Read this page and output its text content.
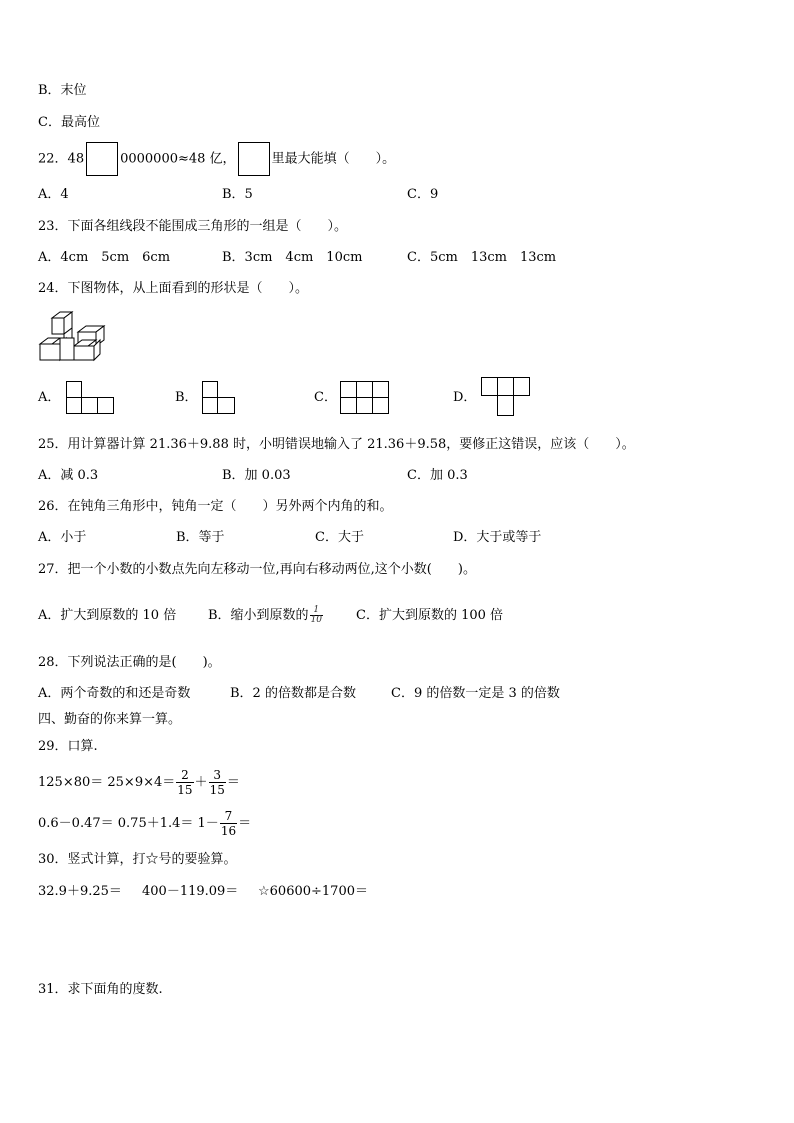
B．末位
C．最高位
22．48	0000000≈48 亿，	里最大能填（　　）。
A．4	B．5	C．9
23．下面各组线段不能围成三角形的一组是（　　）。
A．4cm　5cm　6cm	B．3cm　4cm　10cm	C．5cm　13cm　13cm
24．下图物体，从上面看到的形状是（　　）。
A．	B．	C．	D．
25．用计算器计算 21.36＋9.88 时，小明错误地输入了 21.36＋9.58，要修正这错误，应该（　　）。
A．减 0.3	B．加 0.03	C．加 0.3
26．在钝角三角形中，钝角一定（　　）另外两个内角的和。
A．小于	B．等于	C．大于	D．大于或等于
27．把一个小数的小数点先向左移动一位,再向右移动两位,这个小数(　　)。
A．扩大到原数的 10 倍 B．缩小到原数的 $\frac{1}{10}$	C．扩大到原数的 100 倍
28．下列说法正确的是(　　)。
A．两个奇数的和还是奇数	B．2 的倍数都是合数	C．9 的倍数一定是 3 的倍数
四、勤奋的你来算一算。
29．口算.
$125\times 80= 25\times 9\times 4= \frac{2}{15} + \frac{3}{15}$ ＝
$0.6-0.47= 0.75+1.4= 1- \frac{7}{16}$ ＝
30．竖式计算，打☆号的要验算。
32.9＋9.25＝ 400－119.09＝ ☆60600÷1700＝
31．求下面角的度数.
